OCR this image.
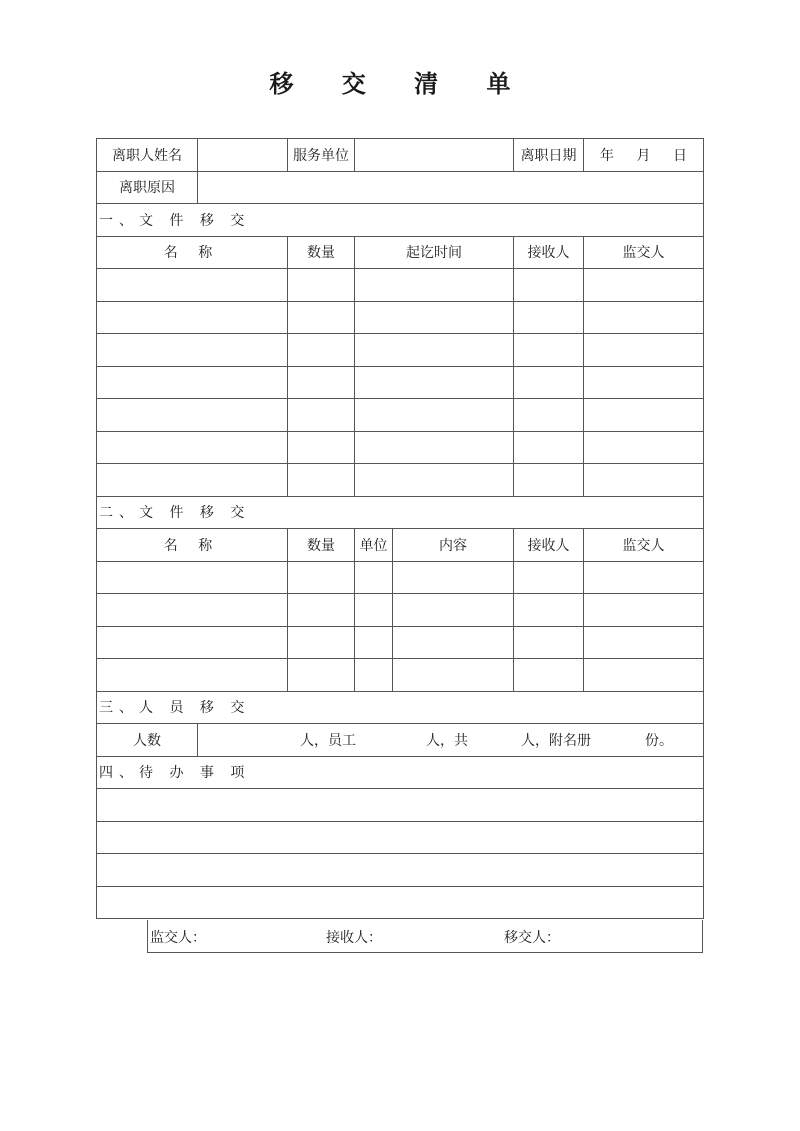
移 交 清 单
离职人姓名		服务单位			离职日期	年 月 日
离职原因						
一、文 件 移 交						
名 称		数量	起讫时间		接收人	监交人

二、文 件 移 交						
名 称		数量	单位	内容	接收人	监交人

三、人 员 移 交						
人数	人，员工 人，共 人，附名册 份。					
四、待 办 事 项						

监交人：	接收人：	移交人：
